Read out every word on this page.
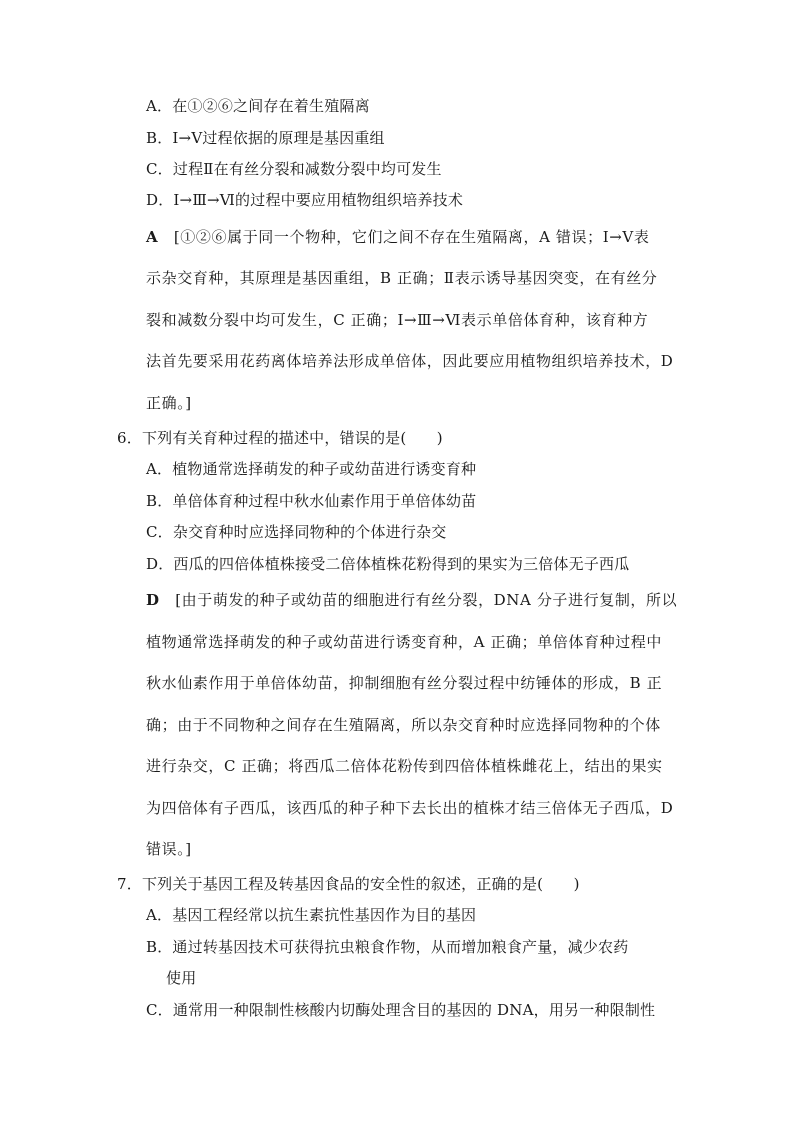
A．在①②⑥之间存在着生殖隔离
B．Ⅰ→Ⅴ过程依据的原理是基因重组
C．过程Ⅱ在有丝分裂和减数分裂中均可发生
D．Ⅰ→Ⅲ→Ⅵ的过程中要应用植物组织培养技术
A　 [①②⑥属于同一个物种，它们之间不存在生殖隔离，A 错误；Ⅰ→Ⅴ表
示杂交育种，其原理是基因重组，B 正确；Ⅱ表示诱导基因突变，在有丝分
裂和减数分裂中均可发生，C 正确；Ⅰ→Ⅲ→Ⅵ表示单倍体育种，该育种方
法首先要采用花药离体培养法形成单倍体，因此要应用植物组织培养技术，D
正确。]
6．下列有关育种过程的描述中，错误的是(　　)
A．植物通常选择萌发的种子或幼苗进行诱变育种
B．单倍体育种过程中秋水仙素作用于单倍体幼苗
C．杂交育种时应选择同物种的个体进行杂交
D．西瓜的四倍体植株接受二倍体植株花粉得到的果实为三倍体无子西瓜
D　 [由于萌发的种子或幼苗的细胞进行有丝分裂，DNA 分子进行复制，所以
植物通常选择萌发的种子或幼苗进行诱变育种，A 正确；单倍体育种过程中
秋水仙素作用于单倍体幼苗，抑制细胞有丝分裂过程中纺锤体的形成，B 正
确；由于不同物种之间存在生殖隔离，所以杂交育种时应选择同物种的个体
进行杂交，C 正确；将西瓜二倍体花粉传到四倍体植株雌花上，结出的果实
为四倍体有子西瓜，该西瓜的种子种下去长出的植株才结三倍体无子西瓜，D
错误。]
7．下列关于基因工程及转基因食品的安全性的叙述，正确的是(　　)
A．基因工程经常以抗生素抗性基因作为目的基因
B．通过转基因技术可获得抗虫粮食作物，从而增加粮食产量，减少农药
使用
C．通常用一种限制性核酸内切酶处理含目的基因的 DNA，用另一种限制性
